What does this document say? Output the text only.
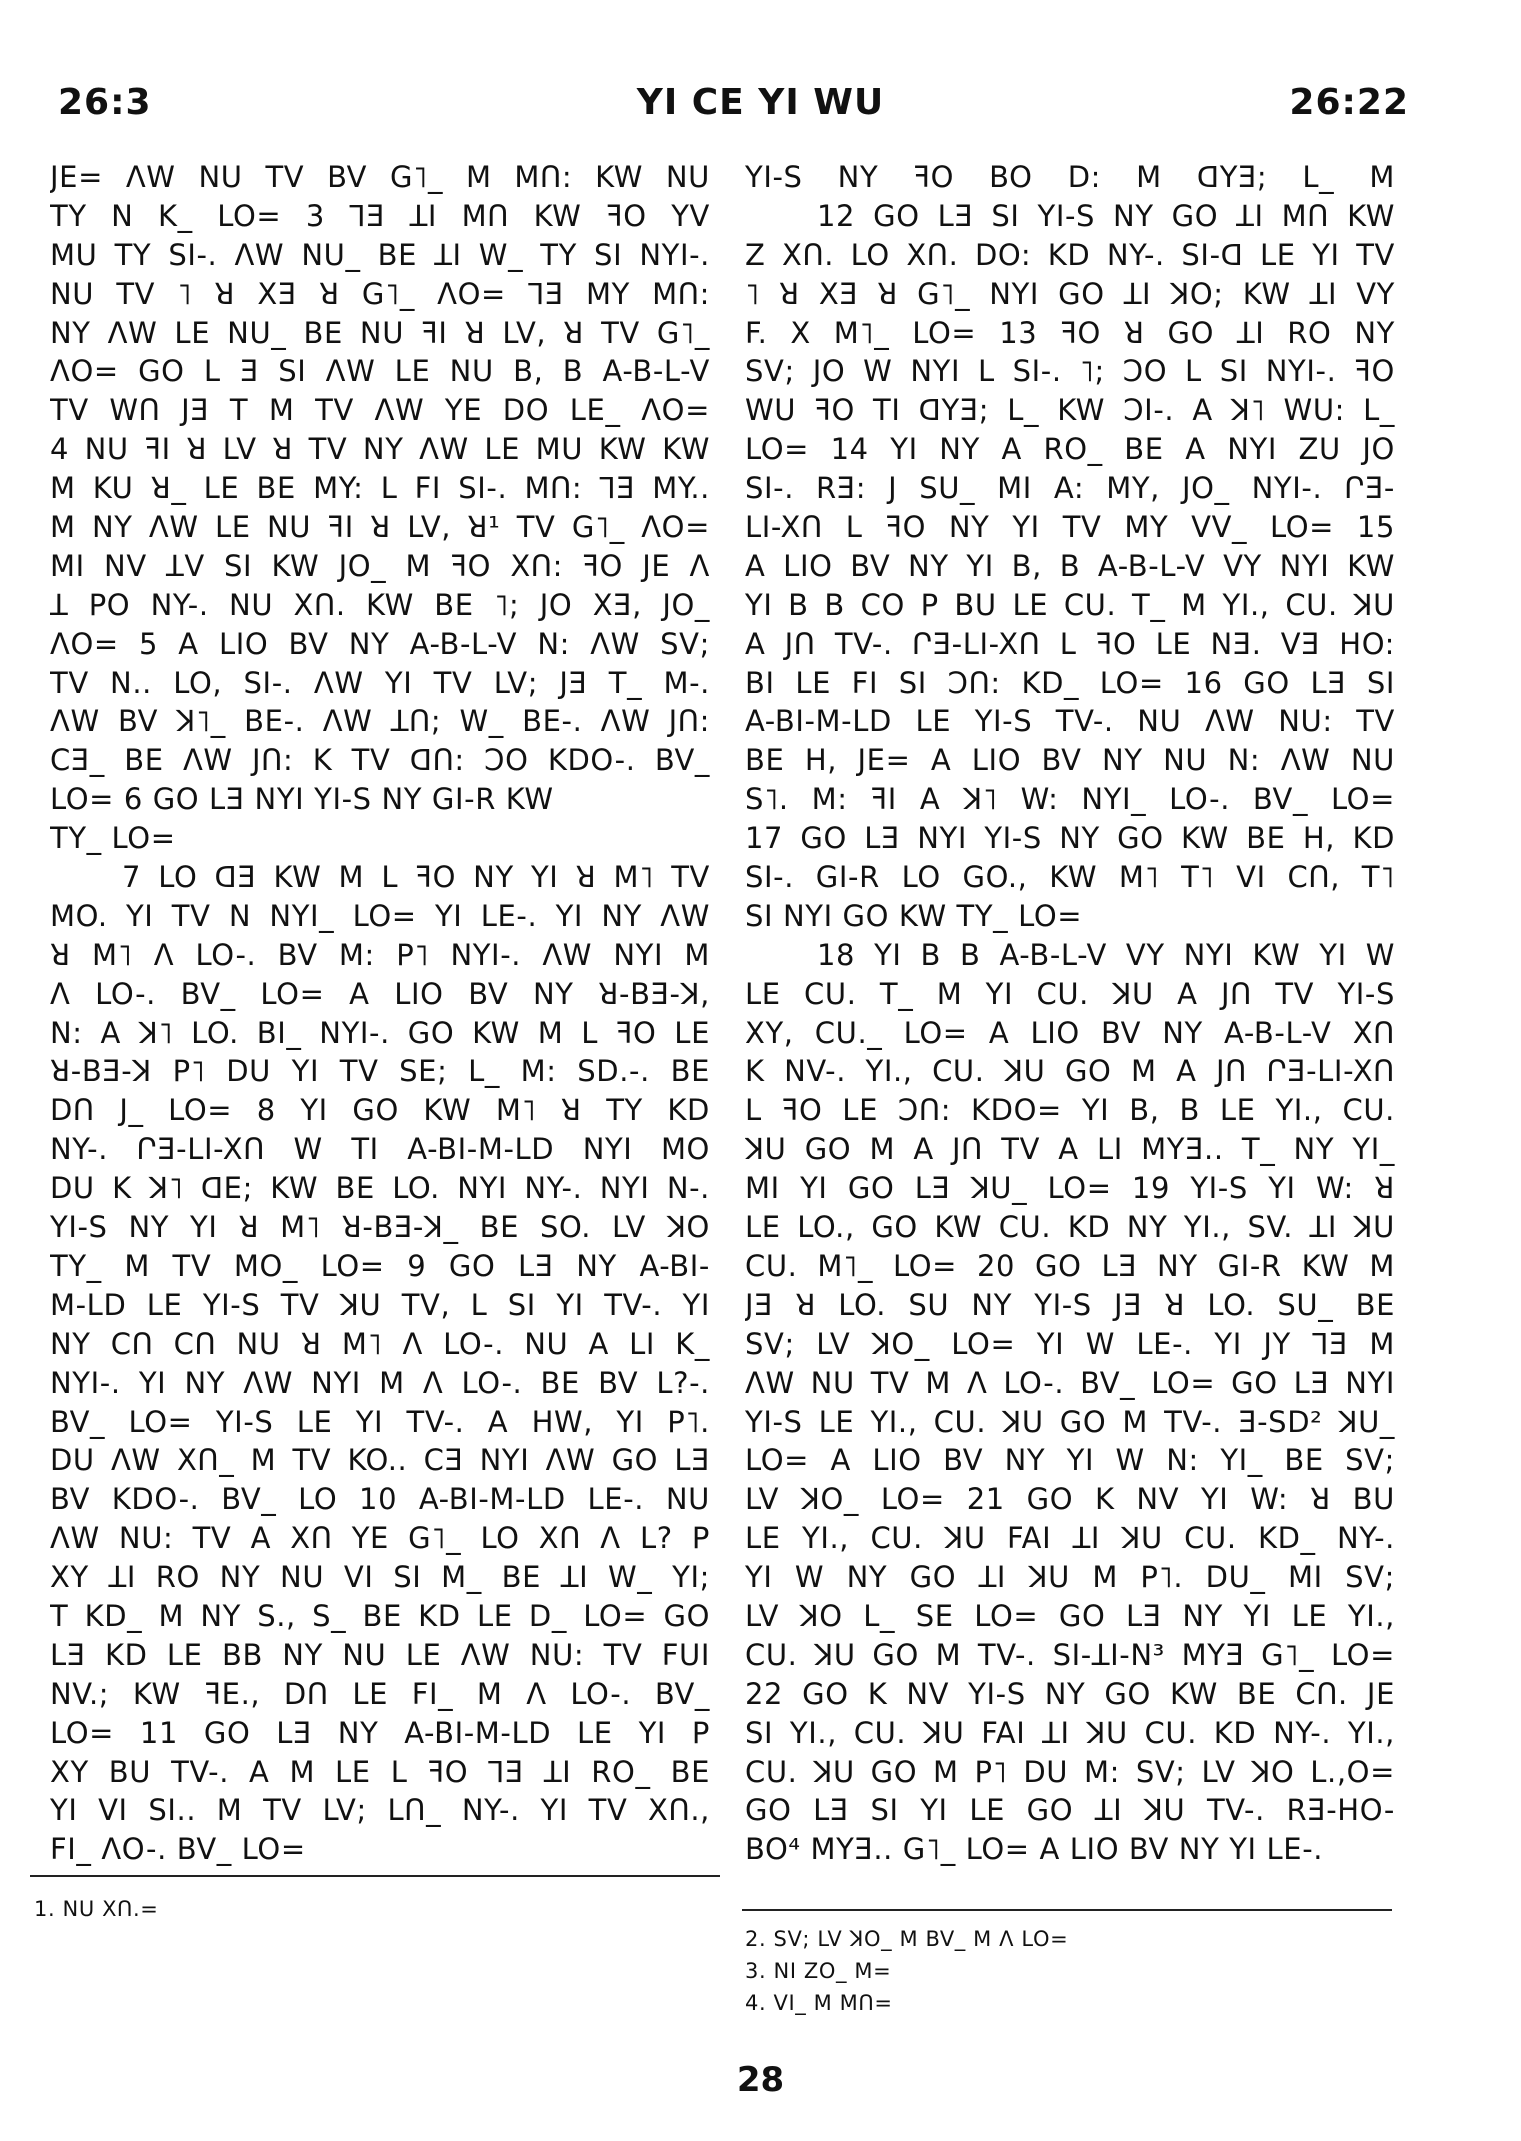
26:3	YI CE YI WU	26:22
JE= ΛW NU TV BV G˥_ M MՈ: KW NU
TY N K_ LO= 3 ⅂Ǝ ꓕI MՈ KW ꟻO YV
MU TY SI-. ΛW NU_ BE ꓕI W_ TY SI NYI-.
NU TV ˥ ꓤ XƎ ꓤ G˥_ ΛO= ⅂Ǝ MY MՈ:
NY ΛW LE NU_ BE NU ꟻI ꓤ LV, ꓤ TV G˥_
ΛO= GO L Ǝ SI ΛW LE NU B, B A-B-L-V
TV WՈ JƎ T M TV ΛW YE DO LE_ ΛO=
4 NU ꟻI ꓤ LV ꓤ TV NY ΛW LE MU KW KW
M KU ꓤ_ LE BE MY: L FI SI-. MՈ: ⅂Ǝ MY..
M NY ΛW LE NU ꟻI ꓤ LV, ꓤ¹ TV G˥_ ΛO=
MI NV ꓕV SI KW JO_ M ꟻO XՈ: ꟻO JE Λ
ꓕ PO NY-. NU XՈ. KW BE ˥; JO XƎ, JO_
ΛO= 5 A LIO BV NY A-B-L-V N: ΛW SV;
TV N.. LO, SI-. ΛW YI TV LV; JƎ T_ M-.
ΛW BV ꓘ˥_ BE-. ΛW ꓕՈ; W_ BE-. ΛW JՈ:
CƎ_ BE ΛW JՈ: K TV ꓷՈ: ƆO KDO-. BV_
LO= 6 GO LƎ NYI YI-S NY GI-R KW
TY_ LO=
7 LO ꓷƎ KW M L ꟻO NY YI ꓤ M˥ TV
MO. YI TV N NYI_ LO= YI LE-. YI NY ΛW
ꓤ M˥ Λ LO-. BV M: P˥ NYI-. ΛW NYI M
Λ LO-. BV_ LO= A LIO BV NY ꓤ-BƎ-ꓘ,
N: A ꓘ˥ LO. BI_ NYI-. GO KW M L ꟻO LE
ꓤ-BƎ-ꓘ P˥ DU YI TV SE; L_ M: SD.-. BE
DՈ J_ LO= 8 YI GO KW M˥ ꓤ TY KD
NY-. ՐƎ-LI-XՈ W TI A-BI-M-LD NYI MO
DU K ꓘ˥ ꓷE; KW BE LO. NYI NY-. NYI N-.
YI-S NY YI ꓤ M˥ ꓤ-BƎ-ꓘ_ BE SO. LV ꓘO
TY_ M TV MO_ LO= 9 GO LƎ NY A-BI-
M-LD LE YI-S TV ꓘU TV, L SI YI TV-. YI
NY CՈ CՈ NU ꓤ M˥ Λ LO-. NU A LI K_
NYI-. YI NY ΛW NYI M Λ LO-. BE BV L?-.
BV_ LO= YI-S LE YI TV-. A HW, YI P˥.
DU ΛW XՈ_ M TV KO.. CƎ NYI ΛW GO LƎ
BV KDO-. BV_ LO 10 A-BI-M-LD LE-. NU
ΛW NU: TV A XՈ YE G˥_ LO XՈ Λ L? P
XY ꓕI RO NY NU VI SI M_ BE ꓕI W_ YI;
T KD_ M NY S., S_ BE KD LE D_ LO= GO
LƎ KD LE BB NY NU LE ΛW NU: TV FUI
NV.; KW ꟻE., DՈ LE FI_ M Λ LO-. BV_
LO= 11 GO LƎ NY A-BI-M-LD LE YI P
XY BU TV-. A M LE L ꟻO ⅂Ǝ ꓕI RO_ BE
YI VI SI.. M TV LV; LՈ_ NY-. YI TV XՈ.,
FI_ ΛO-. BV_ LO=
YI-S NY ꟻO BO D: M ꓷYƎ; L_ M
12 GO LƎ SI YI-S NY GO ꓕI MՈ KW
Z XՈ. LO XՈ. DO: KD NY-. SI-ꓷ LE YI TV
˥ ꓤ XƎ ꓤ G˥_ NYI GO ꓕI ꓘO; KW ꓕI VY
F. X M˥_ LO= 13 ꟻO ꓤ GO ꓕI RO NY
SV; JO W NYI L SI-. ˥; ƆO L SI NYI-. ꟻO
WU ꟻO TI ꓷYƎ; L_ KW ƆI-. A ꓘ˥ WU: L_
LO= 14 YI NY A RO_ BE A NYI ZU JO
SI-. RƎ: J SU_ MI A: MY, JO_ NYI-. ՐƎ-
LI-XՈ L ꟻO NY YI TV MY VV_ LO= 15
A LIO BV NY YI B, B A-B-L-V VY NYI KW
YI B B CO P BU LE CU. T_ M YI., CU. ꓘU
A JՈ TV-. ՐƎ-LI-XՈ L ꟻO LE NƎ. VƎ HO:
BI LE FI SI ƆՈ: KD_ LO= 16 GO LƎ SI
A-BI-M-LD LE YI-S TV-. NU ΛW NU: TV
BE H, JE= A LIO BV NY NU N: ΛW NU
S˥. M: ꟻI A ꓘ˥ W: NYI_ LO-. BV_ LO=
17 GO LƎ NYI YI-S NY GO KW BE H, KD
SI-. GI-R LO GO., KW M˥ T˥ VI CՈ, T˥
SI NYI GO KW TY_ LO=
18 YI B B A-B-L-V VY NYI KW YI W
LE CU. T_ M YI CU. ꓘU A JՈ TV YI-S
XY, CU._ LO= A LIO BV NY A-B-L-V XՈ
K NV-. YI., CU. ꓘU GO M A JՈ ՐƎ-LI-XՈ
L ꟻO LE ƆՈ: KDO= YI B, B LE YI., CU.
ꓘU GO M A JՈ TV A LI MYƎ.. T_ NY YI_
MI YI GO LƎ ꓘU_ LO= 19 YI-S YI W: ꓤ
LE LO., GO KW CU. KD NY YI., SV. ꓕI ꓘU
CU. M˥_ LO= 20 GO LƎ NY GI-R KW M
JƎ ꓤ LO. SU NY YI-S JƎ ꓤ LO. SU_ BE
SV; LV ꓘO_ LO= YI W LE-. YI JY ⅂Ǝ M
ΛW NU TV M Λ LO-. BV_ LO= GO LƎ NYI
YI-S LE YI., CU. ꓘU GO M TV-. Ǝ-SD² ꓘU_
LO= A LIO BV NY YI W N: YI_ BE SV;
LV ꓘO_ LO= 21 GO K NV YI W: ꓤ BU
LE YI., CU. ꓘU FAI ꓕI ꓘU CU. KD_ NY-.
YI W NY GO ꓕI ꓘU M P˥. DU_ MI SV;
LV ꓘO L_ SE LO= GO LƎ NY YI LE YI.,
CU. ꓘU GO M TV-. SI-ꓕI-N³ MYƎ G˥_ LO=
22 GO K NV YI-S NY GO KW BE CՈ. JE
SI YI., CU. ꓘU FAI ꓕI ꓘU CU. KD NY-. YI.,
CU. ꓘU GO M P˥ DU M: SV; LV ꓘO L.,O=
GO LƎ SI YI LE GO ꓕI ꓘU TV-. RƎ-HO-
BO⁴ MYƎ.. G˥_ LO= A LIO BV NY YI LE-.
1. NU XՈ.=
2. SV; LV ꓘO_ M BV_ M Λ LO=
3. NI ZO_ M=
4. VI_ M MՈ=
28
